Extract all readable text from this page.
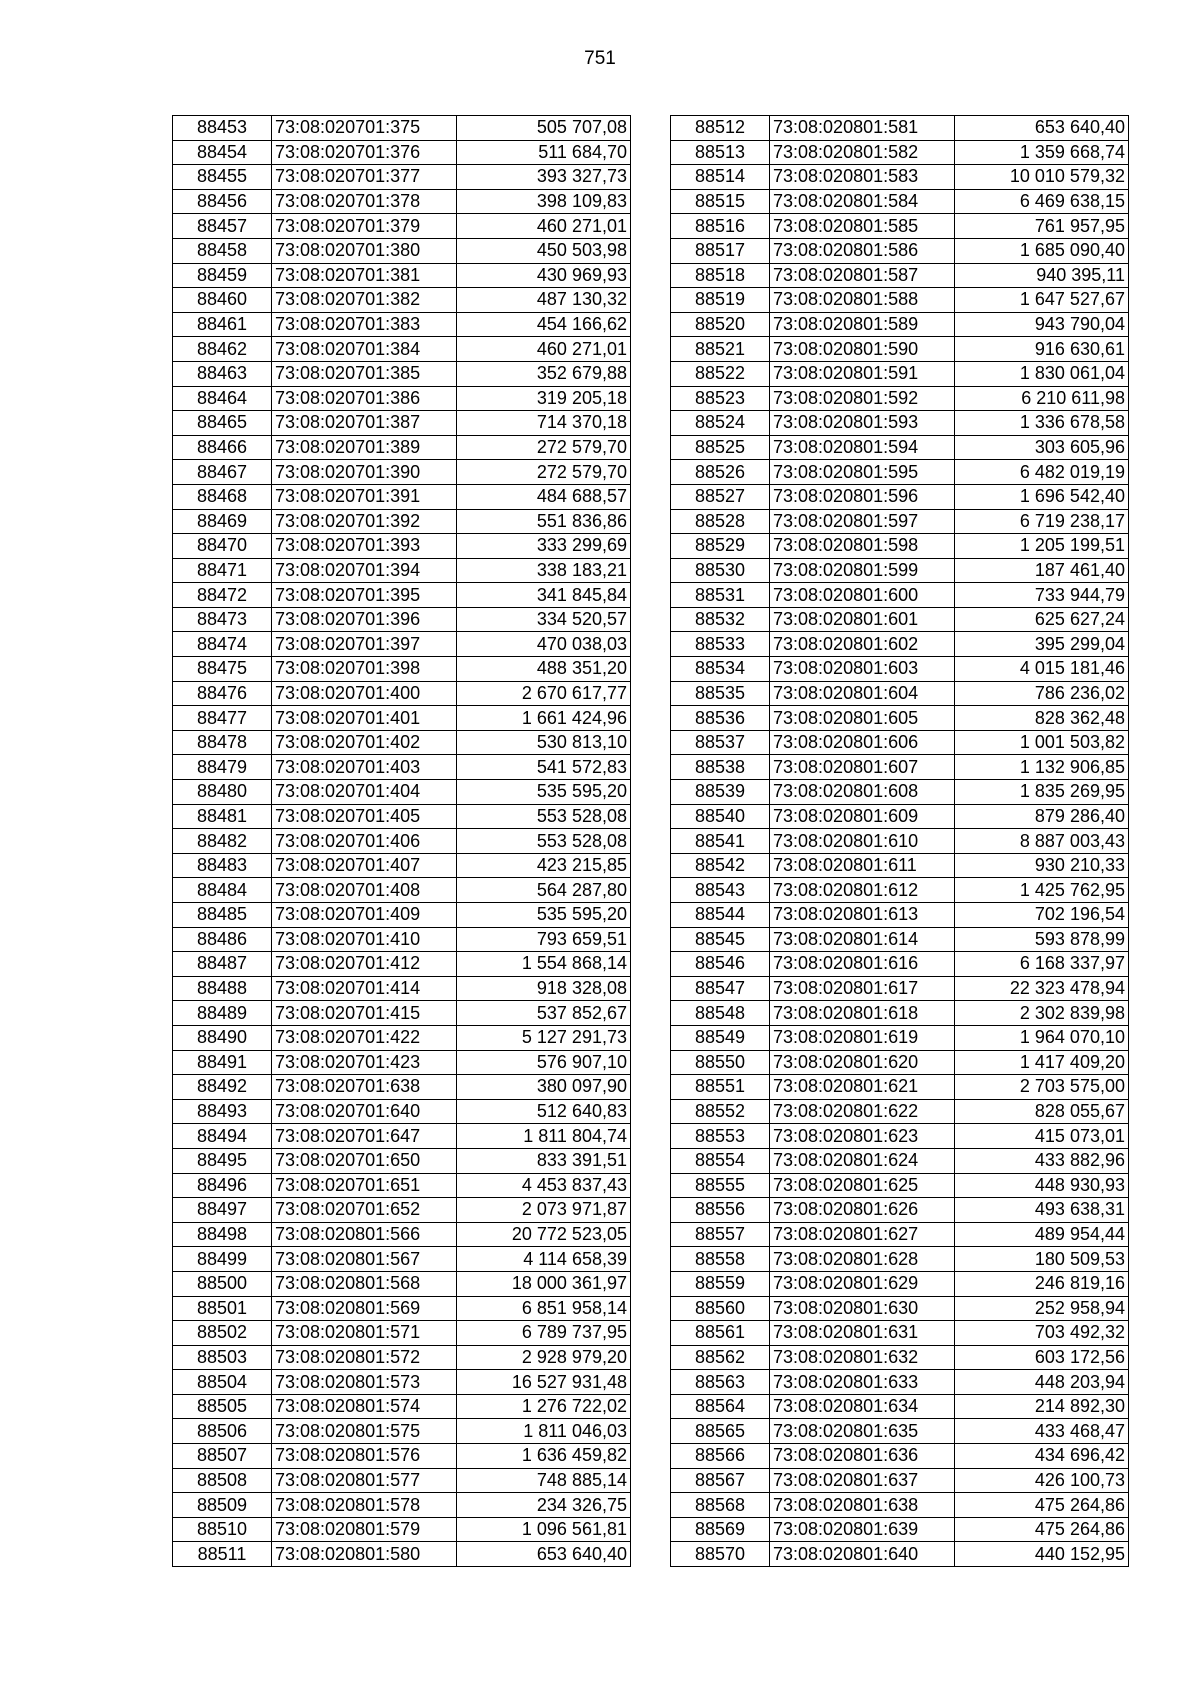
751
88453	73:08:020701:375	505 707,08
88454	73:08:020701:376	511 684,70
88455	73:08:020701:377	393 327,73
88456	73:08:020701:378	398 109,83
88457	73:08:020701:379	460 271,01
88458	73:08:020701:380	450 503,98
88459	73:08:020701:381	430 969,93
88460	73:08:020701:382	487 130,32
88461	73:08:020701:383	454 166,62
88462	73:08:020701:384	460 271,01
88463	73:08:020701:385	352 679,88
88464	73:08:020701:386	319 205,18
88465	73:08:020701:387	714 370,18
88466	73:08:020701:389	272 579,70
88467	73:08:020701:390	272 579,70
88468	73:08:020701:391	484 688,57
88469	73:08:020701:392	551 836,86
88470	73:08:020701:393	333 299,69
88471	73:08:020701:394	338 183,21
88472	73:08:020701:395	341 845,84
88473	73:08:020701:396	334 520,57
88474	73:08:020701:397	470 038,03
88475	73:08:020701:398	488 351,20
88476	73:08:020701:400	2 670 617,77
88477	73:08:020701:401	1 661 424,96
88478	73:08:020701:402	530 813,10
88479	73:08:020701:403	541 572,83
88480	73:08:020701:404	535 595,20
88481	73:08:020701:405	553 528,08
88482	73:08:020701:406	553 528,08
88483	73:08:020701:407	423 215,85
88484	73:08:020701:408	564 287,80
88485	73:08:020701:409	535 595,20
88486	73:08:020701:410	793 659,51
88487	73:08:020701:412	1 554 868,14
88488	73:08:020701:414	918 328,08
88489	73:08:020701:415	537 852,67
88490	73:08:020701:422	5 127 291,73
88491	73:08:020701:423	576 907,10
88492	73:08:020701:638	380 097,90
88493	73:08:020701:640	512 640,83
88494	73:08:020701:647	1 811 804,74
88495	73:08:020701:650	833 391,51
88496	73:08:020701:651	4 453 837,43
88497	73:08:020701:652	2 073 971,87
88498	73:08:020801:566	20 772 523,05
88499	73:08:020801:567	4 114 658,39
88500	73:08:020801:568	18 000 361,97
88501	73:08:020801:569	6 851 958,14
88502	73:08:020801:571	6 789 737,95
88503	73:08:020801:572	2 928 979,20
88504	73:08:020801:573	16 527 931,48
88505	73:08:020801:574	1 276 722,02
88506	73:08:020801:575	1 811 046,03
88507	73:08:020801:576	1 636 459,82
88508	73:08:020801:577	748 885,14
88509	73:08:020801:578	234 326,75
88510	73:08:020801:579	1 096 561,81
88511	73:08:020801:580	653 640,40
88512	73:08:020801:581	653 640,40
88513	73:08:020801:582	1 359 668,74
88514	73:08:020801:583	10 010 579,32
88515	73:08:020801:584	6 469 638,15
88516	73:08:020801:585	761 957,95
88517	73:08:020801:586	1 685 090,40
88518	73:08:020801:587	940 395,11
88519	73:08:020801:588	1 647 527,67
88520	73:08:020801:589	943 790,04
88521	73:08:020801:590	916 630,61
88522	73:08:020801:591	1 830 061,04
88523	73:08:020801:592	6 210 611,98
88524	73:08:020801:593	1 336 678,58
88525	73:08:020801:594	303 605,96
88526	73:08:020801:595	6 482 019,19
88527	73:08:020801:596	1 696 542,40
88528	73:08:020801:597	6 719 238,17
88529	73:08:020801:598	1 205 199,51
88530	73:08:020801:599	187 461,40
88531	73:08:020801:600	733 944,79
88532	73:08:020801:601	625 627,24
88533	73:08:020801:602	395 299,04
88534	73:08:020801:603	4 015 181,46
88535	73:08:020801:604	786 236,02
88536	73:08:020801:605	828 362,48
88537	73:08:020801:606	1 001 503,82
88538	73:08:020801:607	1 132 906,85
88539	73:08:020801:608	1 835 269,95
88540	73:08:020801:609	879 286,40
88541	73:08:020801:610	8 887 003,43
88542	73:08:020801:611	930 210,33
88543	73:08:020801:612	1 425 762,95
88544	73:08:020801:613	702 196,54
88545	73:08:020801:614	593 878,99
88546	73:08:020801:616	6 168 337,97
88547	73:08:020801:617	22 323 478,94
88548	73:08:020801:618	2 302 839,98
88549	73:08:020801:619	1 964 070,10
88550	73:08:020801:620	1 417 409,20
88551	73:08:020801:621	2 703 575,00
88552	73:08:020801:622	828 055,67
88553	73:08:020801:623	415 073,01
88554	73:08:020801:624	433 882,96
88555	73:08:020801:625	448 930,93
88556	73:08:020801:626	493 638,31
88557	73:08:020801:627	489 954,44
88558	73:08:020801:628	180 509,53
88559	73:08:020801:629	246 819,16
88560	73:08:020801:630	252 958,94
88561	73:08:020801:631	703 492,32
88562	73:08:020801:632	603 172,56
88563	73:08:020801:633	448 203,94
88564	73:08:020801:634	214 892,30
88565	73:08:020801:635	433 468,47
88566	73:08:020801:636	434 696,42
88567	73:08:020801:637	426 100,73
88568	73:08:020801:638	475 264,86
88569	73:08:020801:639	475 264,86
88570	73:08:020801:640	440 152,95
